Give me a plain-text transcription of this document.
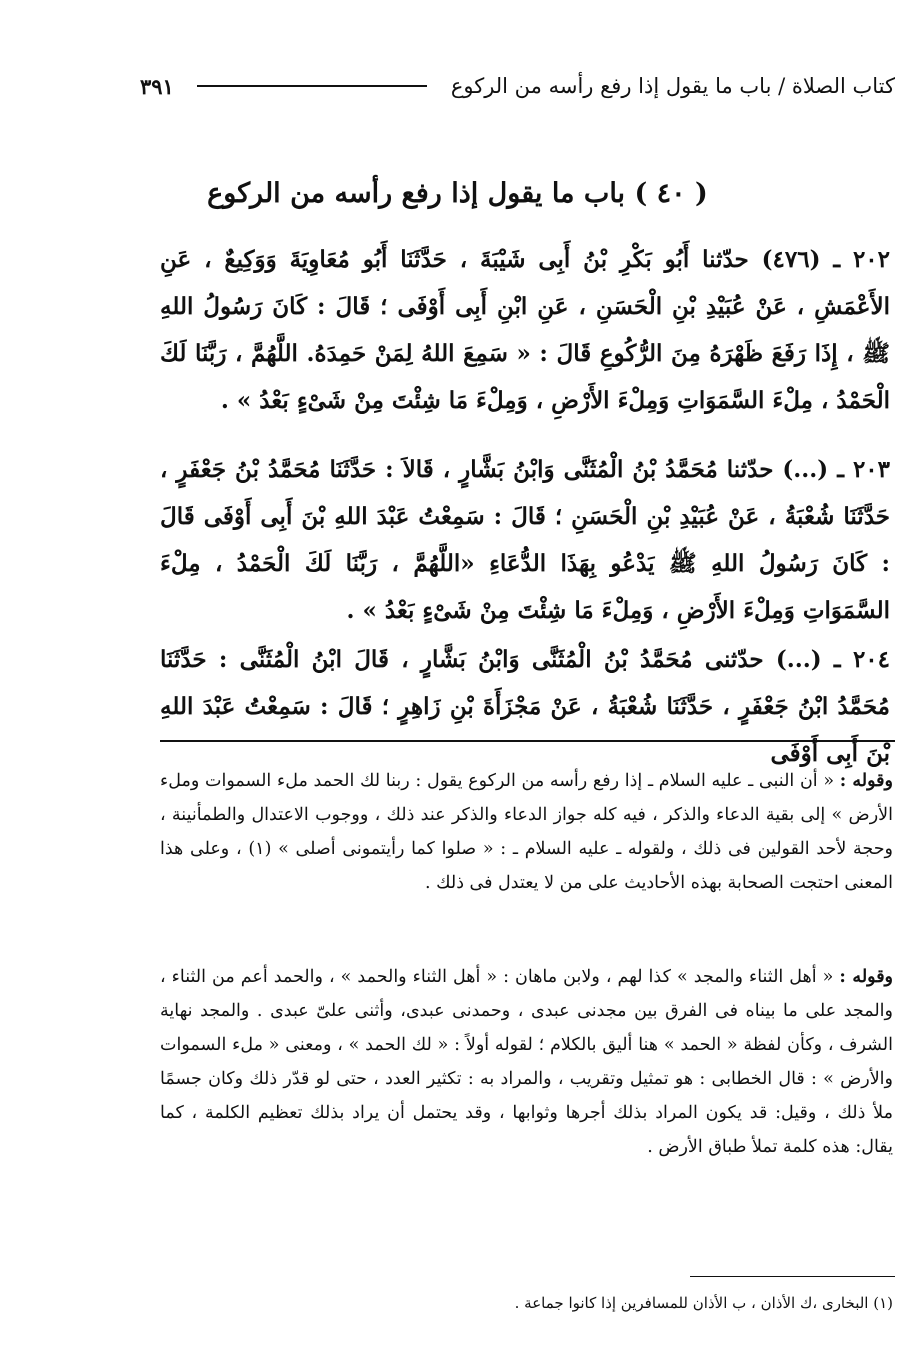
كتاب الصلاة / باب ما يقول إذا رفع رأسه من الركوع
٣٩١
( ٤٠ ) باب ما يقول إذا رفع رأسه من الركوع
٢٠٢ ـ (٤٧٦) حدّثنا أَبُو بَكْرِ بْنُ أَبِى شَيْبَةَ ، حَدَّثَنَا أَبُو مُعَاوِيَةَ وَوَكِيعٌ ، عَنِ الأَعْمَشِ ، عَنْ عُبَيْدِ بْنِ الْحَسَنِ ، عَنِ ابْنِ أَبِى أَوْفَى ؛ قَالَ : كَانَ رَسُولُ اللهِ ﷺ ، إِذَا رَفَعَ ظَهْرَهُ مِنَ الرُّكُوعِ قَالَ : « سَمِعَ اللهُ لِمَنْ حَمِدَهُ. اللَّهُمَّ ، رَبَّنَا لَكَ الْحَمْدُ ، مِلْءَ السَّمَوَاتِ وَمِلْءَ الأَرْضِ ، وَمِلْءَ مَا شِئْتَ مِنْ شَىْءٍ بَعْدُ » .
٢٠٣ ـ (...) حدّثنا مُحَمَّدُ بْنُ الْمُثَنَّى وَابْنُ بَشَّارٍ ، قَالاَ : حَدَّثَنَا مُحَمَّدُ بْنُ جَعْفَرٍ ، حَدَّثَنَا شُعْبَةُ ، عَنْ عُبَيْدِ بْنِ الْحَسَنِ ؛ قَالَ : سَمِعْتُ عَبْدَ اللهِ بْنَ أَبِى أَوْفَى قَالَ : كَانَ رَسُولُ اللهِ ﷺ يَدْعُو بِهَذَا الدُّعَاءِ «اللَّهُمَّ ، رَبَّنَا لَكَ الْحَمْدُ ، مِلْءَ السَّمَوَاتِ وَمِلْءَ الأَرْضِ ، وَمِلْءَ مَا شِئْتَ مِنْ شَىْءٍ بَعْدُ » .
٢٠٤ ـ (...) حدّثنى مُحَمَّدُ بْنُ الْمُثَنَّى وَابْنُ بَشَّارٍ ، قَالَ ابْنُ الْمُثَنَّى : حَدَّثَنَا مُحَمَّدُ ابْنُ جَعْفَرٍ ، حَدَّثَنَا شُعْبَةُ ، عَنْ مَجْزَأَةَ بْنِ زَاهِرٍ ؛ قَالَ : سَمِعْتُ عَبْدَ اللهِ بْنَ أَبِى أَوْفَى
وقوله : « أن النبى ـ عليه السلام ـ إذا رفع رأسه من الركوع يقول : ربنا لك الحمد ملء السموات وملء الأرض » إلى بقية الدعاء والذكر ، فيه كله جواز الدعاء والذكر عند ذلك ، ووجوب الاعتدال والطمأنينة ، وحجة لأحد القولين فى ذلك ، ولقوله ـ عليه السلام ـ : « صلوا كما رأيتمونى أصلى » (١) ، وعلى هذا المعنى احتجت الصحابة بهذه الأحاديث على من لا يعتدل فى ذلك .
وقوله : « أهل الثناء والمجد » كذا لهم ، ولابن ماهان : « أهل الثناء والحمد » ، والحمد أعم من الثناء ، والمجد على ما بيناه فى الفرق بين مجدنى عبدى ، وحمدنى عبدى، وأثنى علىّ عبدى . والمجد نهاية الشرف ، وكأن لفظة « الحمد » هنا أليق بالكلام ؛ لقوله أولاً : « لك الحمد » ، ومعنى « ملء السموات والأرض » : قال الخطابى : هو تمثيل وتقريب ، والمراد به : تكثير العدد ، حتى لو قدّر ذلك وكان جسمًا ملأ ذلك ، وقيل: قد يكون المراد بذلك أجرها وثوابها ، وقد يحتمل أن يراد بذلك تعظيم الكلمة ، كما يقال: هذه كلمة تملأ طباق الأرض .
(١) البخارى ،ك الأذان ، ب الأذان للمسافرين إذا كانوا جماعة .
